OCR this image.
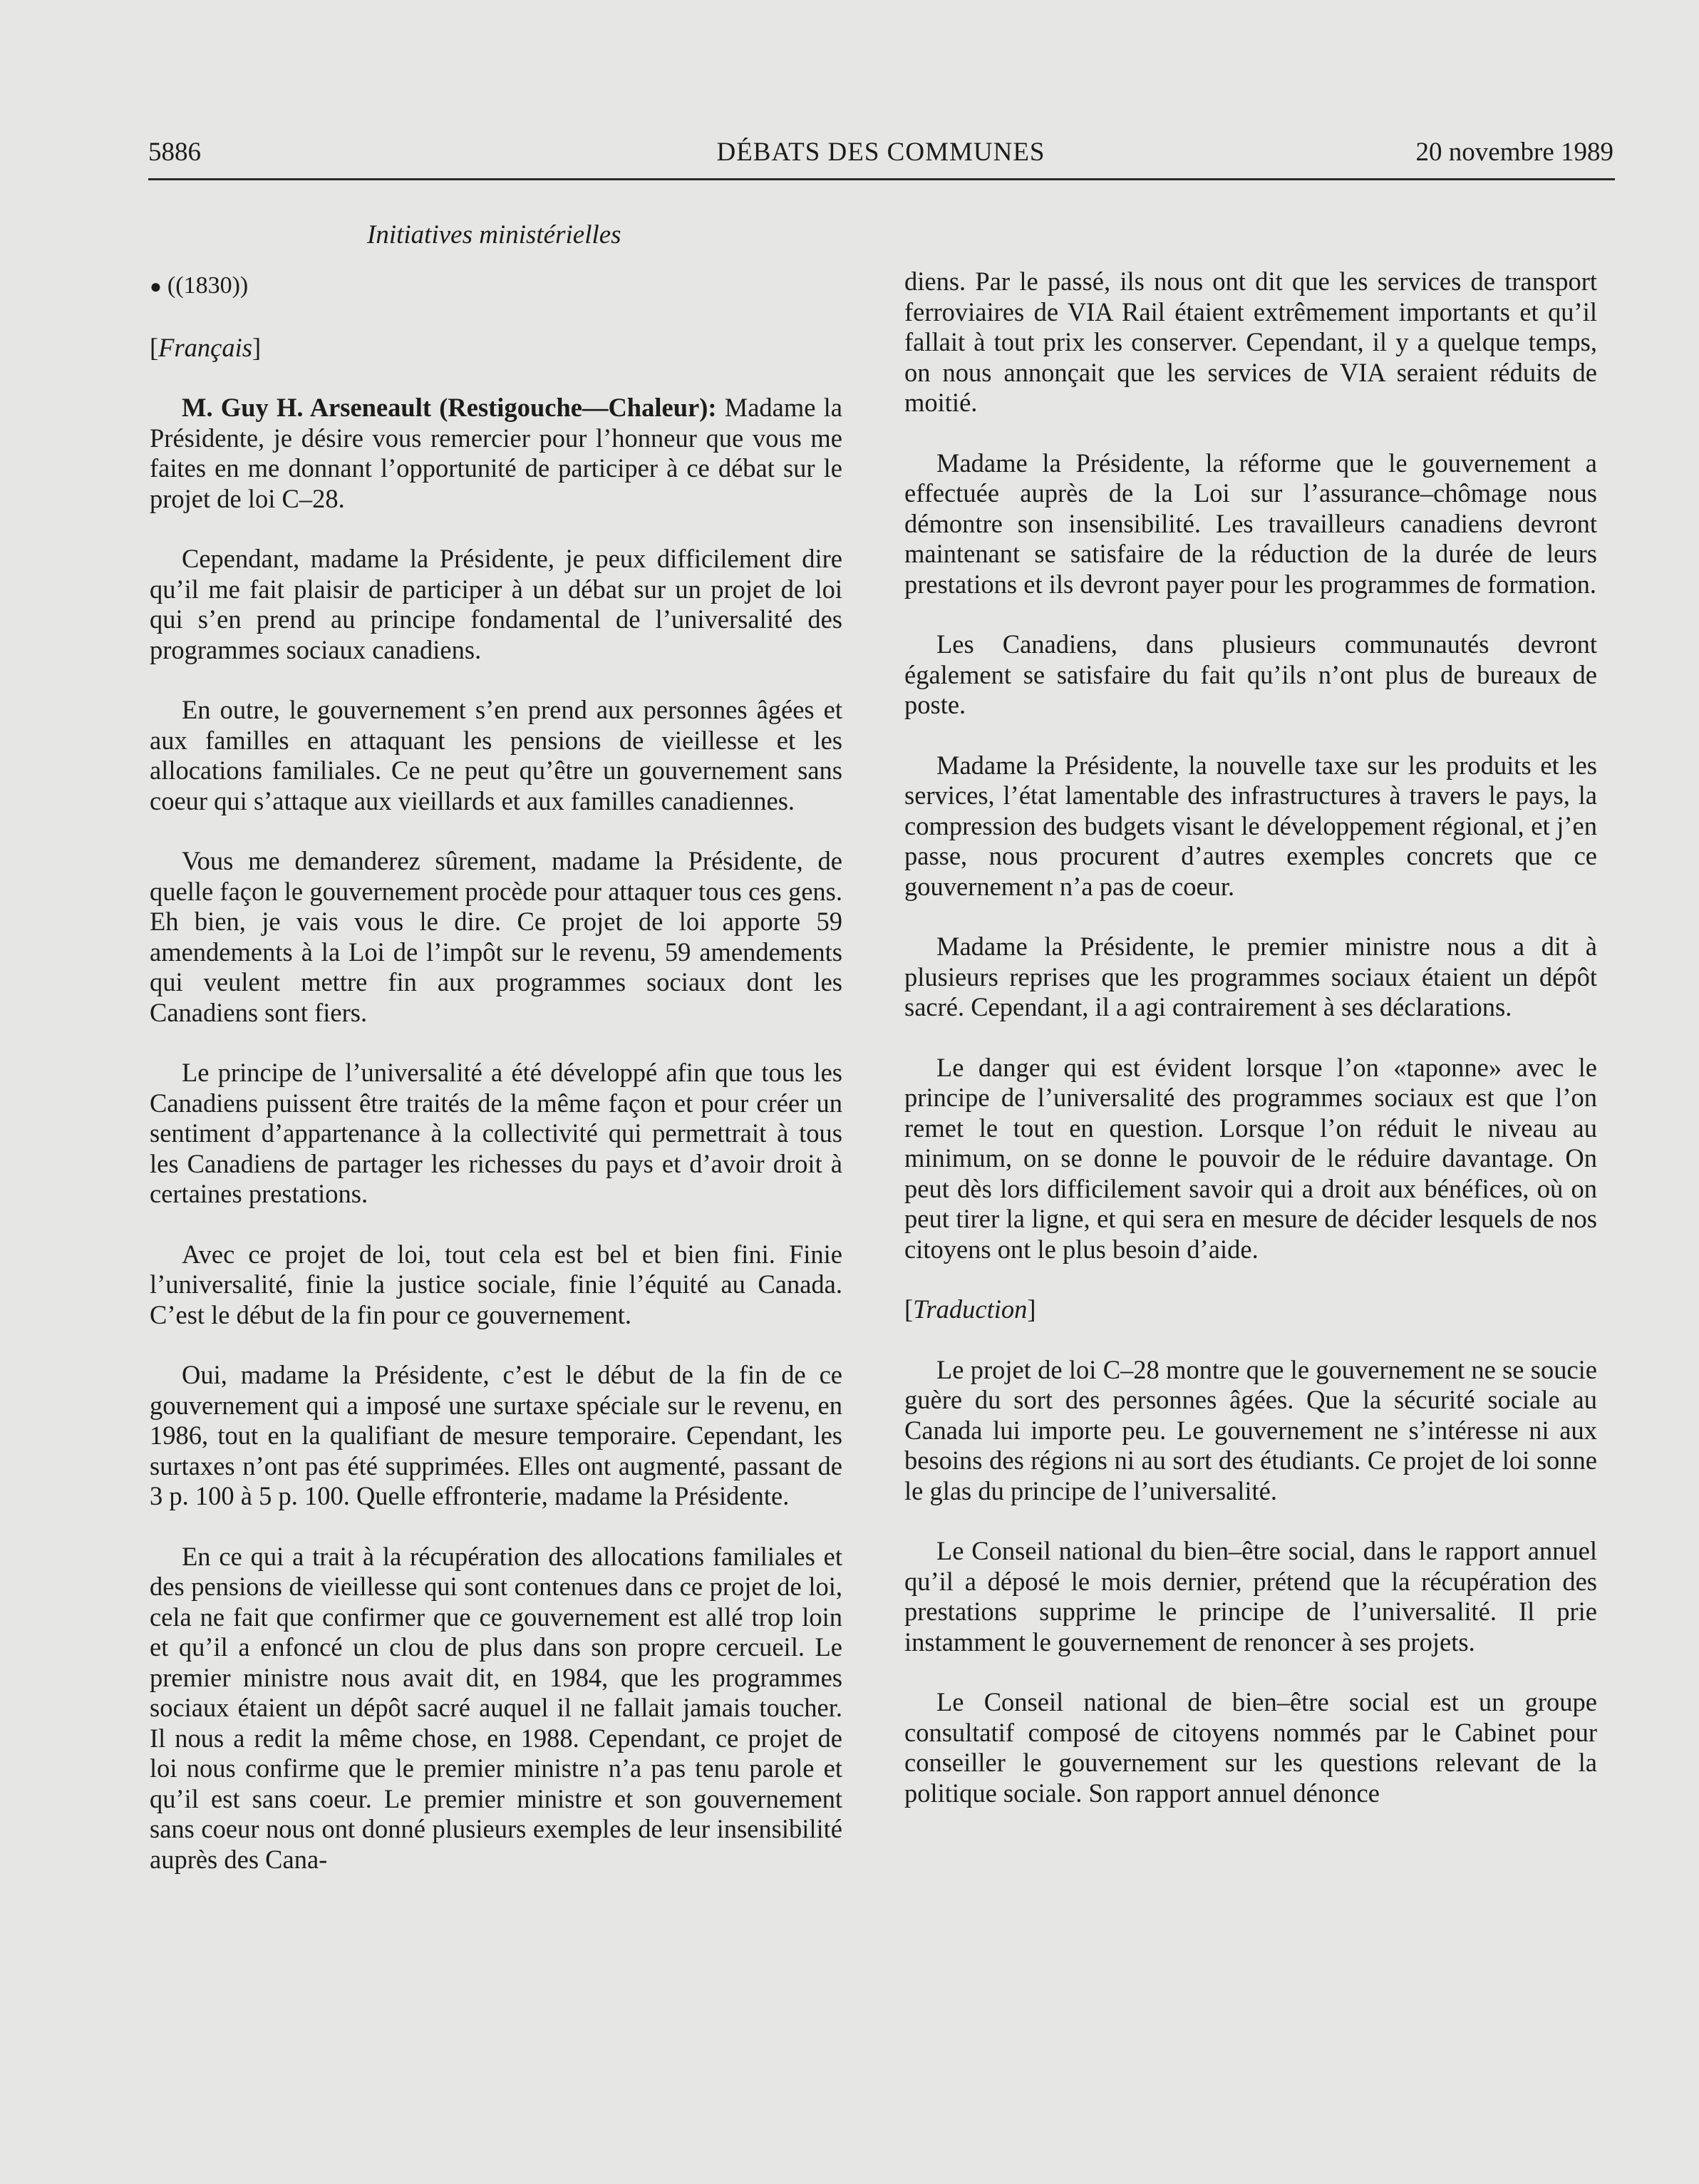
5886	DÉBATS DES COMMUNES	20 novembre 1989
Initiatives ministérielles
● ((1830))
[Français]

M. Guy H. Arseneault (Restigouche—Chaleur): Madame la Présidente, je désire vous remercier pour l’honneur que vous me faites en me donnant l’opportunité de participer à ce débat sur le projet de loi C–28.

Cependant, madame la Présidente, je peux difficilement dire qu’il me fait plaisir de participer à un débat sur un projet de loi qui s’en prend au principe fondamental de l’universalité des programmes sociaux canadiens.

En outre, le gouvernement s’en prend aux personnes âgées et aux familles en attaquant les pensions de vieillesse et les allocations familiales. Ce ne peut qu’être un gouvernement sans coeur qui s’attaque aux vieillards et aux familles canadiennes.

Vous me demanderez sûrement, madame la Présidente, de quelle façon le gouvernement procède pour attaquer tous ces gens. Eh bien, je vais vous le dire. Ce projet de loi apporte 59 amendements à la Loi de l’impôt sur le revenu, 59 amendements qui veulent mettre fin aux programmes sociaux dont les Canadiens sont fiers.

Le principe de l’universalité a été développé afin que tous les Canadiens puissent être traités de la même façon et pour créer un sentiment d’appartenance à la collectivité qui permettrait à tous les Canadiens de partager les richesses du pays et d’avoir droit à certaines prestations.

Avec ce projet de loi, tout cela est bel et bien fini. Finie l’universalité, finie la justice sociale, finie l’équité au Canada. C’est le début de la fin pour ce gouvernement.

Oui, madame la Présidente, c’est le début de la fin de ce gouvernement qui a imposé une surtaxe spéciale sur le revenu, en 1986, tout en la qualifiant de mesure temporaire. Cependant, les surtaxes n’ont pas été supprimées. Elles ont augmenté, passant de 3 p. 100 à 5 p. 100. Quelle effronterie, madame la Présidente.

En ce qui a trait à la récupération des allocations familiales et des pensions de vieillesse qui sont contenues dans ce projet de loi, cela ne fait que confirmer que ce gouvernement est allé trop loin et qu’il a enfoncé un clou de plus dans son propre cercueil. Le premier ministre nous avait dit, en 1984, que les programmes sociaux étaient un dépôt sacré auquel il ne fallait jamais toucher. Il nous a redit la même chose, en 1988. Cependant, ce projet de loi nous confirme que le premier ministre n’a pas tenu parole et qu’il est sans coeur. Le premier ministre et son gouvernement sans coeur nous ont donné plusieurs exemples de leur insensibilité auprès des Cana-

diens. Par le passé, ils nous ont dit que les services de transport ferroviaires de VIA Rail étaient extrêmement importants et qu’il fallait à tout prix les conserver. Cependant, il y a quelque temps, on nous annonçait que les services de VIA seraient réduits de moitié.

Madame la Présidente, la réforme que le gouvernement a effectuée auprès de la Loi sur l’assurance–chômage nous démontre son insensibilité. Les travailleurs canadiens devront maintenant se satisfaire de la réduction de la durée de leurs prestations et ils devront payer pour les programmes de formation.

Les Canadiens, dans plusieurs communautés devront également se satisfaire du fait qu’ils n’ont plus de bureaux de poste.

Madame la Présidente, la nouvelle taxe sur les produits et les services, l’état lamentable des infrastructures à travers le pays, la compression des budgets visant le développement régional, et j’en passe, nous procurent d’autres exemples concrets que ce gouvernement n’a pas de coeur.

Madame la Présidente, le premier ministre nous a dit à plusieurs reprises que les programmes sociaux étaient un dépôt sacré. Cependant, il a agi contrairement à ses déclarations.

Le danger qui est évident lorsque l’on «taponne» avec le principe de l’universalité des programmes sociaux est que l’on remet le tout en question. Lorsque l’on réduit le niveau au minimum, on se donne le pouvoir de le réduire davantage. On peut dès lors difficilement savoir qui a droit aux bénéfices, où on peut tirer la ligne, et qui sera en mesure de décider lesquels de nos citoyens ont le plus besoin d’aide.

[Traduction]

Le projet de loi C–28 montre que le gouvernement ne se soucie guère du sort des personnes âgées. Que la sécurité sociale au Canada lui importe peu. Le gouvernement ne s’intéresse ni aux besoins des régions ni au sort des étudiants. Ce projet de loi sonne le glas du principe de l’universalité.

Le Conseil national du bien–être social, dans le rapport annuel qu’il a déposé le mois dernier, prétend que la récupération des prestations supprime le principe de l’universalité. Il prie instamment le gouvernement de renoncer à ses projets.

Le Conseil national de bien–être social est un groupe consultatif composé de citoyens nommés par le Cabinet pour conseiller le gouvernement sur les questions relevant de la politique sociale. Son rapport annuel dénonce
